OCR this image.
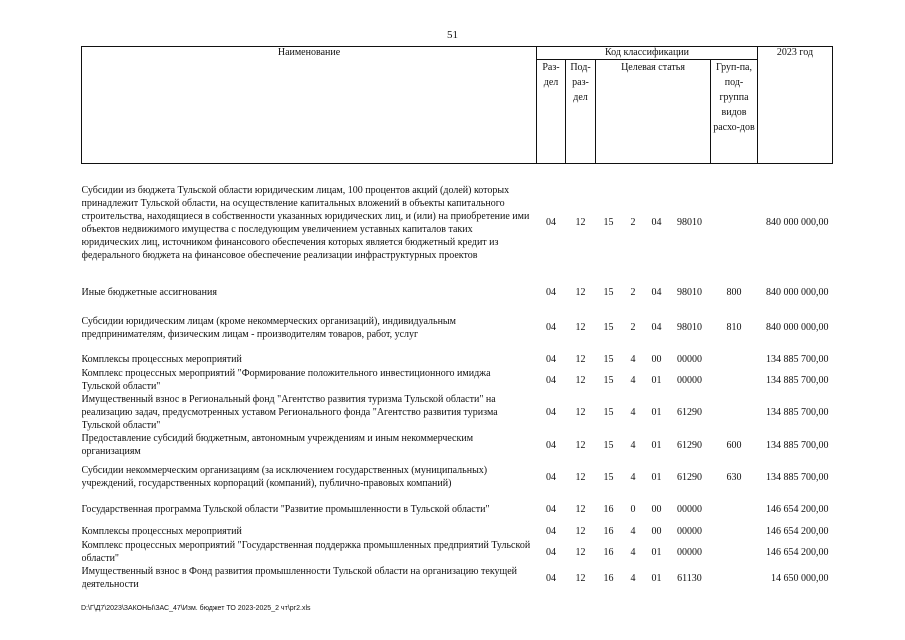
51
Наименование	Код классификации							2023 год
	Раз-дел	Под-раз-дел	Целевая статья				Груп-па, под-группа видов расхо-дов	

Субсидии из бюджета Тульской области юридическим лицам, 100 процентов акций (долей) которых принадлежит Тульской области, на осуществление капитальных вложений в объекты капитального строительства, находящиеся в собственности указанных юридических лиц, и (или) на приобретение ими объектов недвижимого имущества с последующим увеличением уставных капиталов таких юридических лиц, источником финансового обеспечения которых является бюджетный кредит из федерального бюджета на финансовое обеспечение реализации инфраструктурных проектов	04	12	15	2	04	98010		840 000 000,00

Иные бюджетные ассигнования	04	12	15	2	04	98010	800	840 000 000,00

Субсидии юридическим лицам (кроме некоммерческих организаций), индивидуальным предпринимателям, физическим лицам - производителям товаров, работ, услуг	04	12	15	2	04	98010	810	840 000 000,00

Комплексы процессных мероприятий	04	12	15	4	00	00000		134 885 700,00
Комплекс процессных мероприятий "Формирование положительного инвестиционного имиджа Тульской области"	04	12	15	4	01	00000		134 885 700,00
Имущественный взнос в Региональный фонд "Агентство развития туризма Тульской области" на реализацию задач, предусмотренных уставом Регионального фонда "Агентство развития туризма Тульской области"	04	12	15	4	01	61290		134 885 700,00
Предоставление субсидий бюджетным, автономным учреждениям и иным некоммерческим организациям	04	12	15	4	01	61290	600	134 885 700,00
Субсидии некоммерческим организациям (за исключением государственных (муниципальных) учреждений, государственных корпораций (компаний), публично-правовых компаний)	04	12	15	4	01	61290	630	134 885 700,00
Государственная программа Тульской области "Развитие промышленности в Тульской области"	04	12	16	0	00	00000		146 654 200,00
Комплексы процессных мероприятий	04	12	16	4	00	00000		146 654 200,00
Комплекс процессных мероприятий "Государственная поддержка промышленных предприятий Тульской области"	04	12	16	4	01	00000		146 654 200,00
Имущественный взнос в Фонд развития промышленности Тульской области на организацию текущей деятельности	04	12	16	4	01	61130		14 650 000,00
D:\Г\Д7\2023\ЗАКОНЫ\ЗАС_47\Изм. бюджет ТО 2023-2025_2 чт\рг2.xls
